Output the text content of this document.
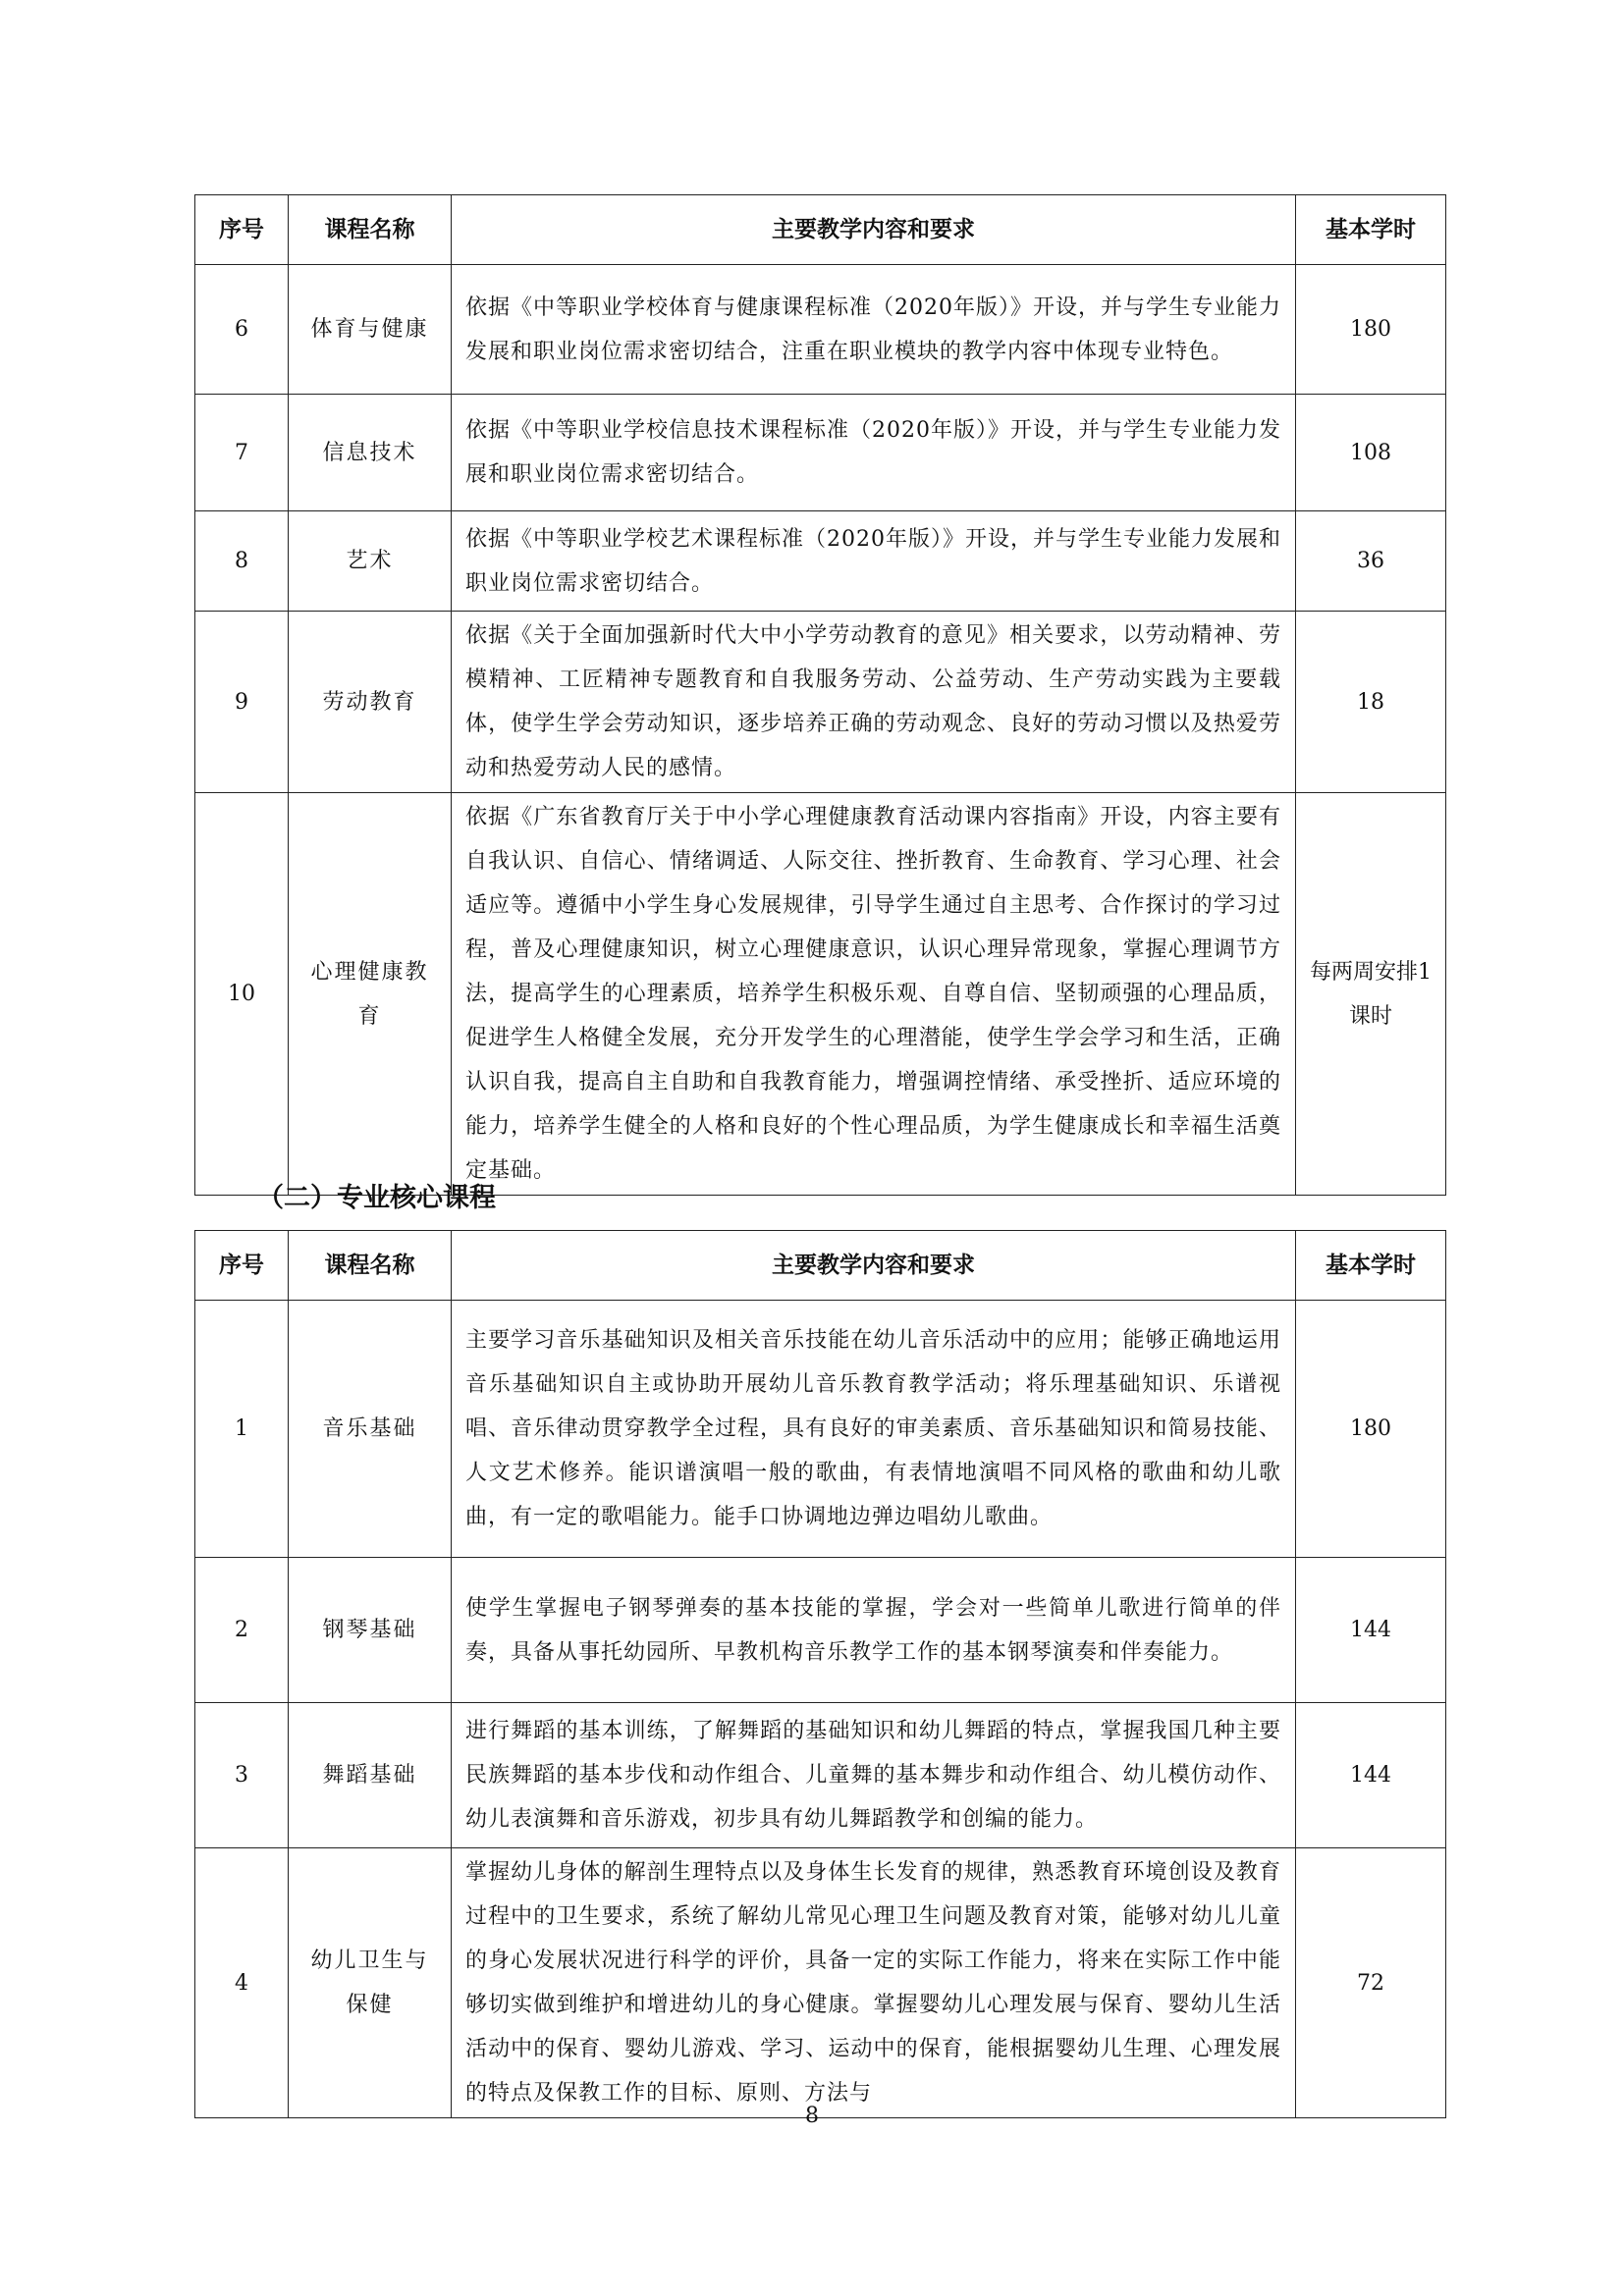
序号	课程名称	主要教学内容和要求	基本学时
6	体育与健康	依据《中等职业学校体育与健康课程标准（2020年版）》开设，并与学生专业能力发展和职业岗位需求密切结合，注重在职业模块的教学内容中体现专业特色。	180
7	信息技术	依据《中等职业学校信息技术课程标准（2020年版）》开设，并与学生专业能力发展和职业岗位需求密切结合。	108
8	艺术	依据《中等职业学校艺术课程标准（2020年版）》开设，并与学生专业能力发展和职业岗位需求密切结合。	36
9	劳动教育	依据《关于全面加强新时代大中小学劳动教育的意见》相关要求，以劳动精神、劳模精神、工匠精神专题教育和自我服务劳动、公益劳动、生产劳动实践为主要载体，使学生学会劳动知识，逐步培养正确的劳动观念、良好的劳动习惯以及热爱劳动和热爱劳动人民的感情。	18
10	心理健康教育	依据《广东省教育厅关于中小学心理健康教育活动课内容指南》开设，内容主要有自我认识、自信心、情绪调适、人际交往、挫折教育、生命教育、学习心理、社会适应等。遵循中小学生身心发展规律，引导学生通过自主思考、合作探讨的学习过程，普及心理健康知识，树立心理健康意识，认识心理异常现象，掌握心理调节方法，提高学生的心理素质，培养学生积极乐观、自尊自信、坚韧顽强的心理品质，促进学生人格健全发展，充分开发学生的心理潜能，使学生学会学习和生活，正确认识自我，提高自主自助和自我教育能力，增强调控情绪、承受挫折、适应环境的能力，培养学生健全的人格和良好的个性心理品质，为学生健康成长和幸福生活奠定基础。	每两周安排1课时
（二）专业核心课程
序号	课程名称	主要教学内容和要求	基本学时
1	音乐基础	主要学习音乐基础知识及相关音乐技能在幼儿音乐活动中的应用；能够正确地运用音乐基础知识自主或协助开展幼儿音乐教育教学活动；将乐理基础知识、乐谱视唱、音乐律动贯穿教学全过程，具有良好的审美素质、音乐基础知识和简易技能、人文艺术修养。能识谱演唱一般的歌曲，有表情地演唱不同风格的歌曲和幼儿歌曲，有一定的歌唱能力。能手口协调地边弹边唱幼儿歌曲。	180
2	钢琴基础	使学生掌握电子钢琴弹奏的基本技能的掌握，学会对一些简单儿歌进行简单的伴奏，具备从事托幼园所、早教机构音乐教学工作的基本钢琴演奏和伴奏能力。	144
3	舞蹈基础	进行舞蹈的基本训练，了解舞蹈的基础知识和幼儿舞蹈的特点，掌握我国几种主要民族舞蹈的基本步伐和动作组合、儿童舞的基本舞步和动作组合、幼儿模仿动作、幼儿表演舞和音乐游戏，初步具有幼儿舞蹈教学和创编的能力。	144
4	幼儿卫生与保健	掌握幼儿身体的解剖生理特点以及身体生长发育的规律，熟悉教育环境创设及教育过程中的卫生要求，系统了解幼儿常见心理卫生问题及教育对策，能够对幼儿儿童的身心发展状况进行科学的评价，具备一定的实际工作能力，将来在实际工作中能够切实做到维护和增进幼儿的身心健康。掌握婴幼儿心理发展与保育、婴幼儿生活活动中的保育、婴幼儿游戏、学习、运动中的保育，能根据婴幼儿生理、心理发展的特点及保教工作的目标、原则、方法与	72
8
